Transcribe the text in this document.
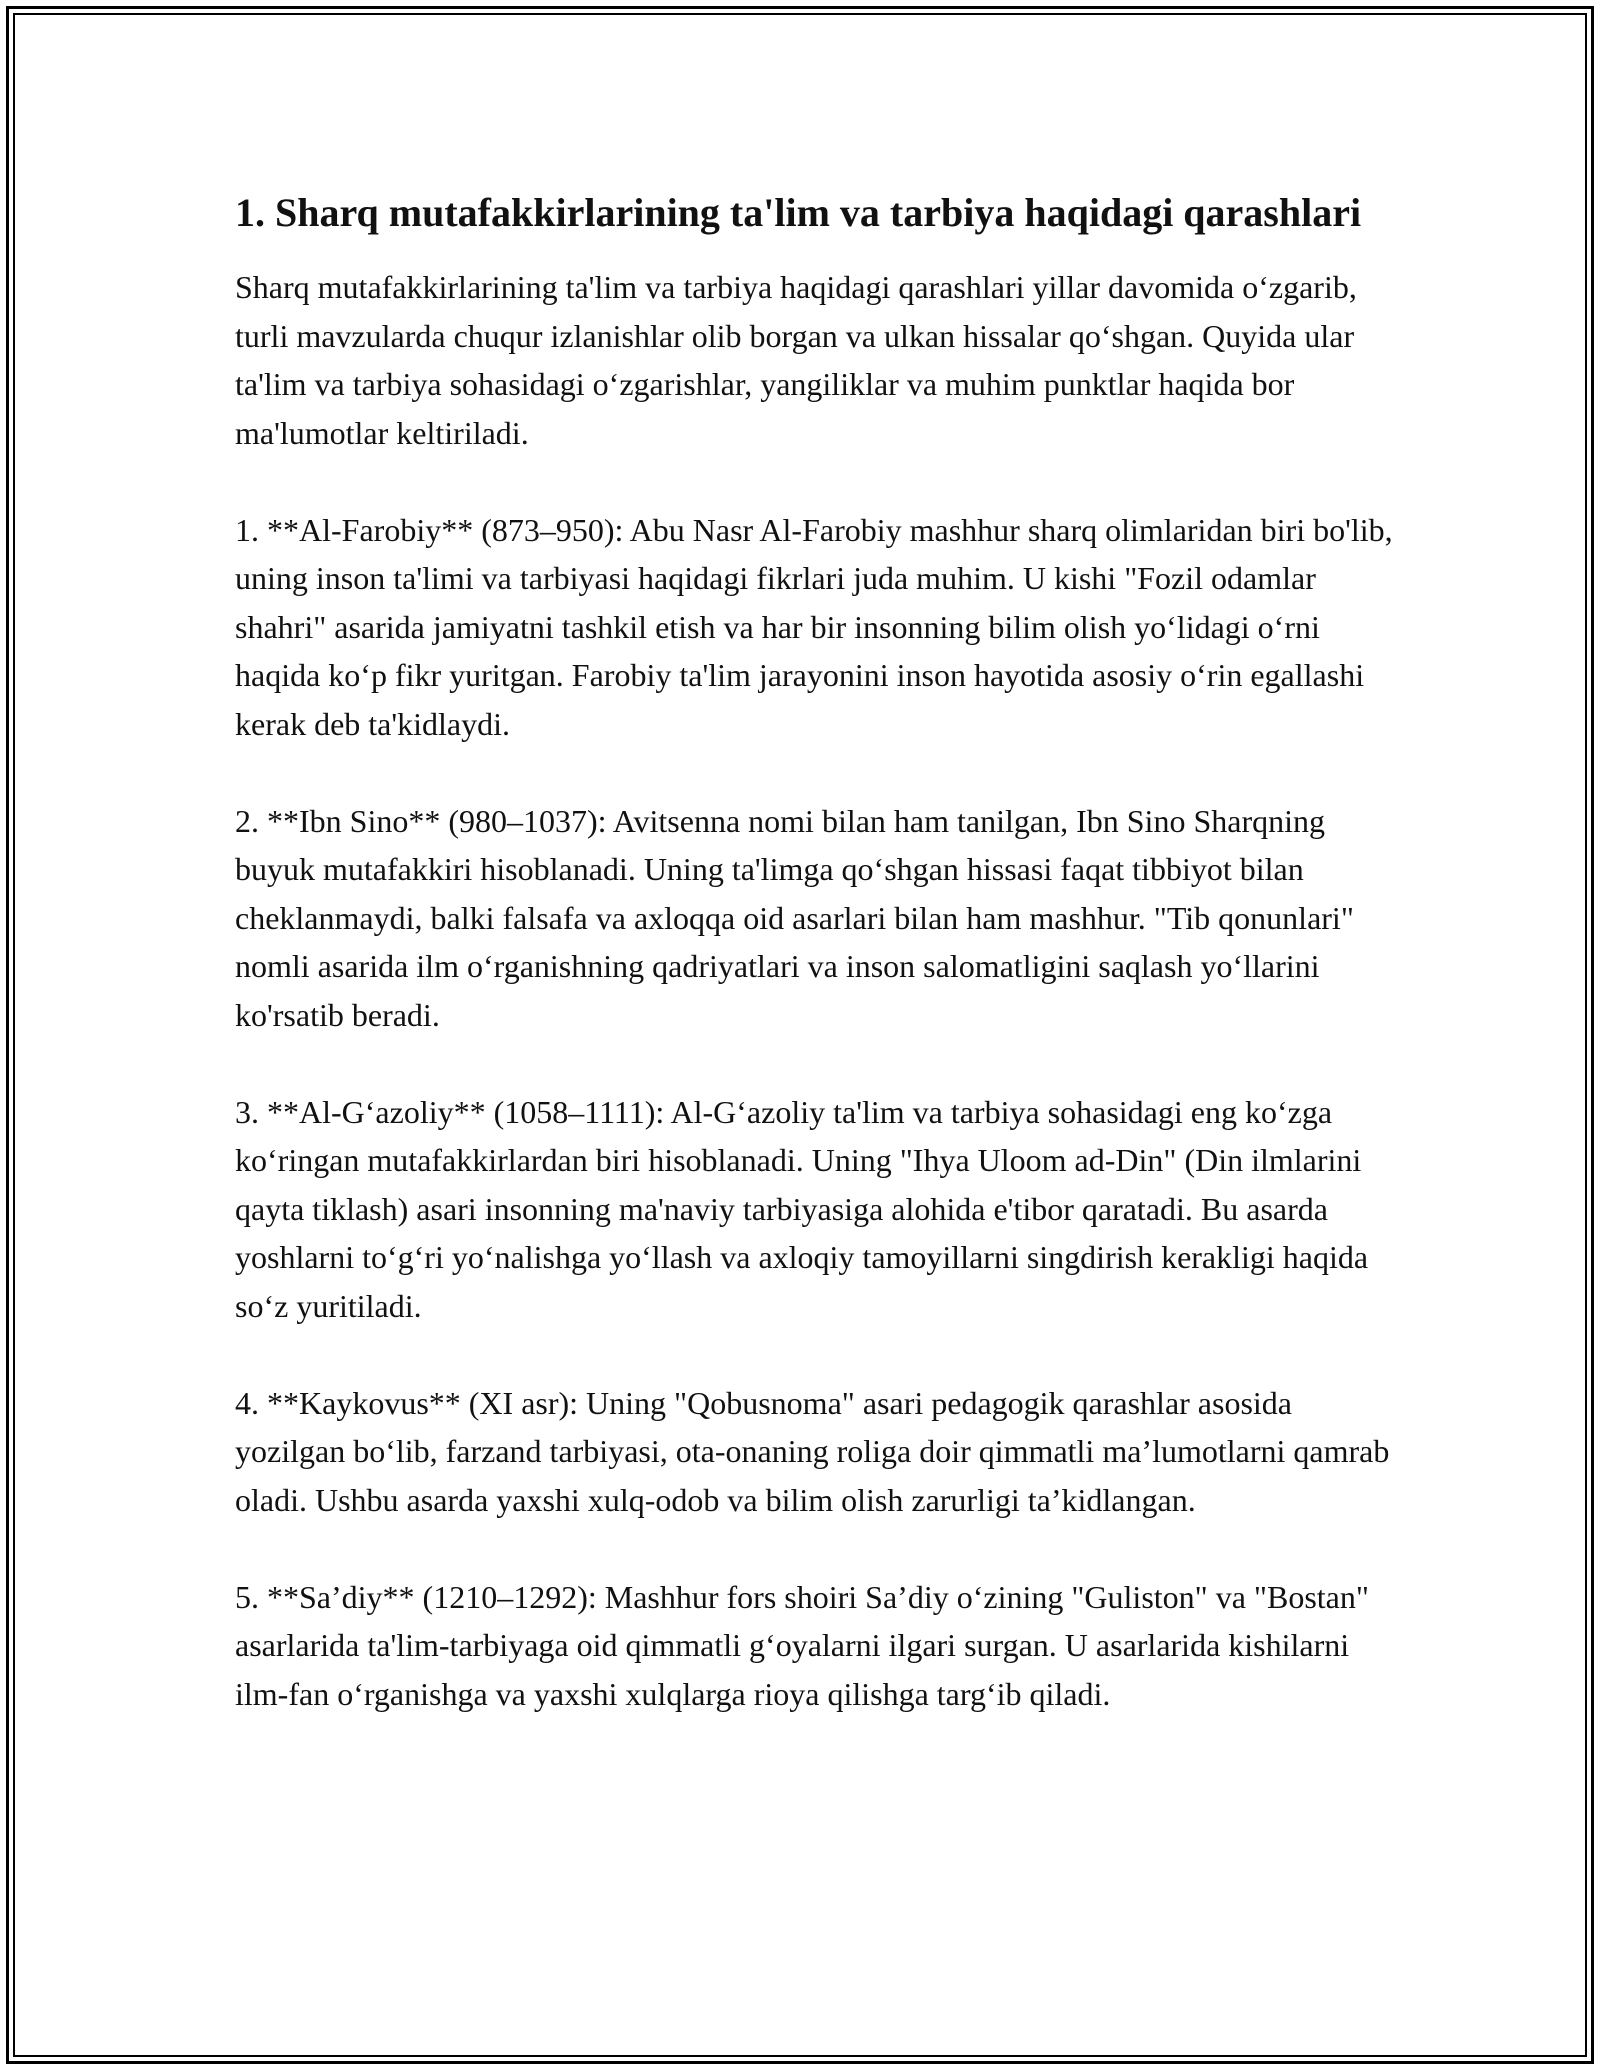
1. Sharq mutafakkirlarining ta'lim va tarbiya haqidagi qarashlari

Sharq mutafakkirlarining ta'lim va tarbiya haqidagi qarashlari yillar davomida o‘zgarib, turli mavzularda chuqur izlanishlar olib borgan va ulkan hissalar qo‘shgan. Quyida ular ta'lim va tarbiya sohasidagi o‘zgarishlar, yangiliklar va muhim punktlar haqida bor ma'lumotlar keltiriladi.

1. **Al-Farobiy** (873–950): Abu Nasr Al-Farobiy mashhur sharq olimlaridan biri bo'lib, uning inson ta'limi va tarbiyasi haqidagi fikrlari juda muhim. U kishi "Fozil odamlar shahri" asarida jamiyatni tashkil etish va har bir insonning bilim olish yo‘lidagi o‘rni haqida ko‘p fikr yuritgan. Farobiy ta'lim jarayonini inson hayotida asosiy o‘rin egallashi kerak deb ta'kidlaydi.

2. **Ibn Sino** (980–1037): Avitsenna nomi bilan ham tanilgan, Ibn Sino Sharqning buyuk mutafakkiri hisoblanadi. Uning ta'limga qo‘shgan hissasi faqat tibbiyot bilan cheklanmaydi, balki falsafa va axloqqa oid asarlari bilan ham mashhur. "Tib qonunlari" nomli asarida ilm o‘rganishning qadriyatlari va inson salomatligini saqlash yo‘llarini ko'rsatib beradi.

3. **Al-G‘azoliy** (1058–1111): Al-G‘azoliy ta'lim va tarbiya sohasidagi eng ko‘zga ko‘ringan mutafakkirlardan biri hisoblanadi. Uning "Ihya Uloom ad-Din" (Din ilmlarini qayta tiklash) asari insonning ma'naviy tarbiyasiga alohida e'tibor qaratadi. Bu asarda yoshlarni to‘g‘ri yo‘nalishga yo‘llash va axloqiy tamoyillarni singdirish kerakligi haqida so‘z yuritiladi.

4. **Kaykovus** (XI asr): Uning "Qobusnoma" asari pedagogik qarashlar asosida yozilgan bo‘lib, farzand tarbiyasi, ota-onaning roliga doir qimmatli ma’lumotlarni qamrab oladi. Ushbu asarda yaxshi xulq-odob va bilim olish zarurligi ta’kidlangan.

5. **Sa’diy** (1210–1292): Mashhur fors shoiri Sa’diy o‘zining "Guliston" va "Bostan" asarlarida ta'lim-tarbiyaga oid qimmatli g‘oyalarni ilgari surgan. U asarlarida kishilarni ilm-fan o‘rganishga va yaxshi xulqlarga rioya qilishga targ‘ib qiladi.
